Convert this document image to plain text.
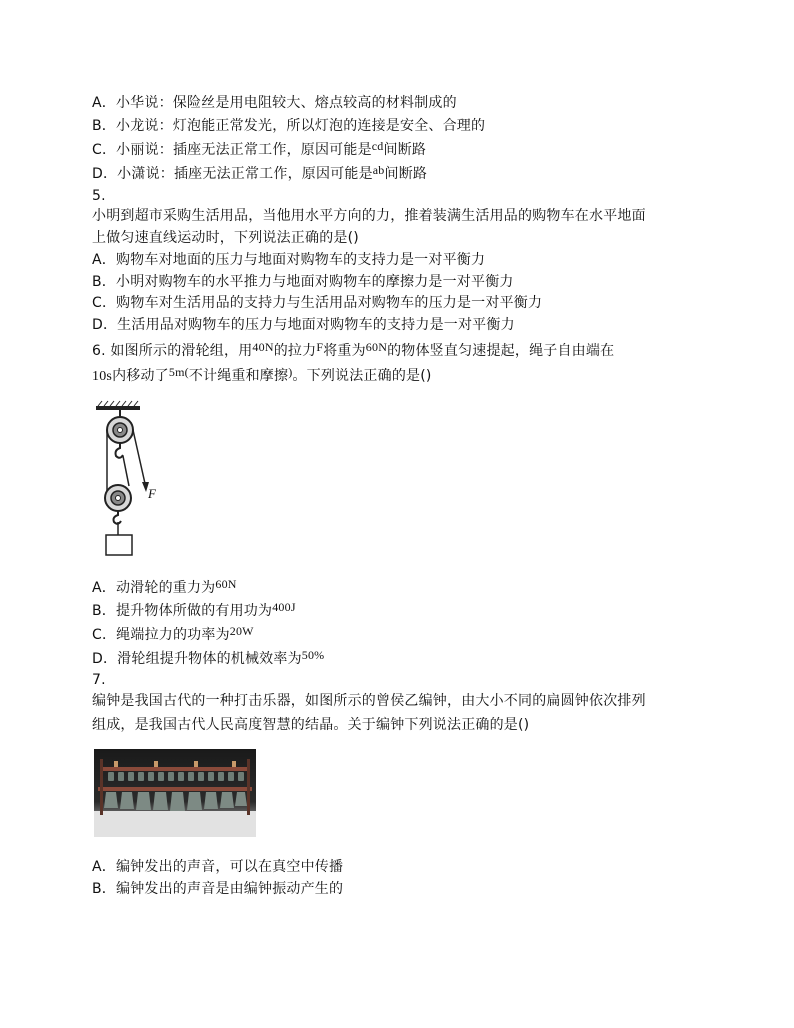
A．小华说：保险丝是用电阻较大、熔点较高的材料制成的
B．小龙说：灯泡能正常发光，所以灯泡的连接是安全、合理的
C．小丽说：插座无法正常工作，原因可能是cd间断路
D．小潇说：插座无法正常工作，原因可能是ab间断路
5.
小明到超市采购生活用品，当他用水平方向的力，推着装满生活用品的购物车在水平地面
上做匀速直线运动时，下列说法正确的是()
A．购物车对地面的压力与地面对购物车的支持力是一对平衡力
B．小明对购物车的水平推力与地面对购物车的摩擦力是一对平衡力
C．购物车对生活用品的支持力与生活用品对购物车的压力是一对平衡力
D．生活用品对购物车的压力与地面对购物车的支持力是一对平衡力
6. 如图所示的滑轮组，用40N的拉力F将重为60N的物体竖直匀速提起，绳子自由端在
10s内移动了5m(不计绳重和摩擦)。下列说法正确的是()
F
A．动滑轮的重力为60N
B．提升物体所做的有用功为400J
C．绳端拉力的功率为20W
D．滑轮组提升物体的机械效率为50%
7.
编钟是我国古代的一种打击乐器，如图所示的曾侯乙编钟，由大小不同的扁圆钟依次排列
组成，是我国古代人民高度智慧的结晶。关于编钟下列说法正确的是()
A．编钟发出的声音，可以在真空中传播
B．编钟发出的声音是由编钟振动产生的
